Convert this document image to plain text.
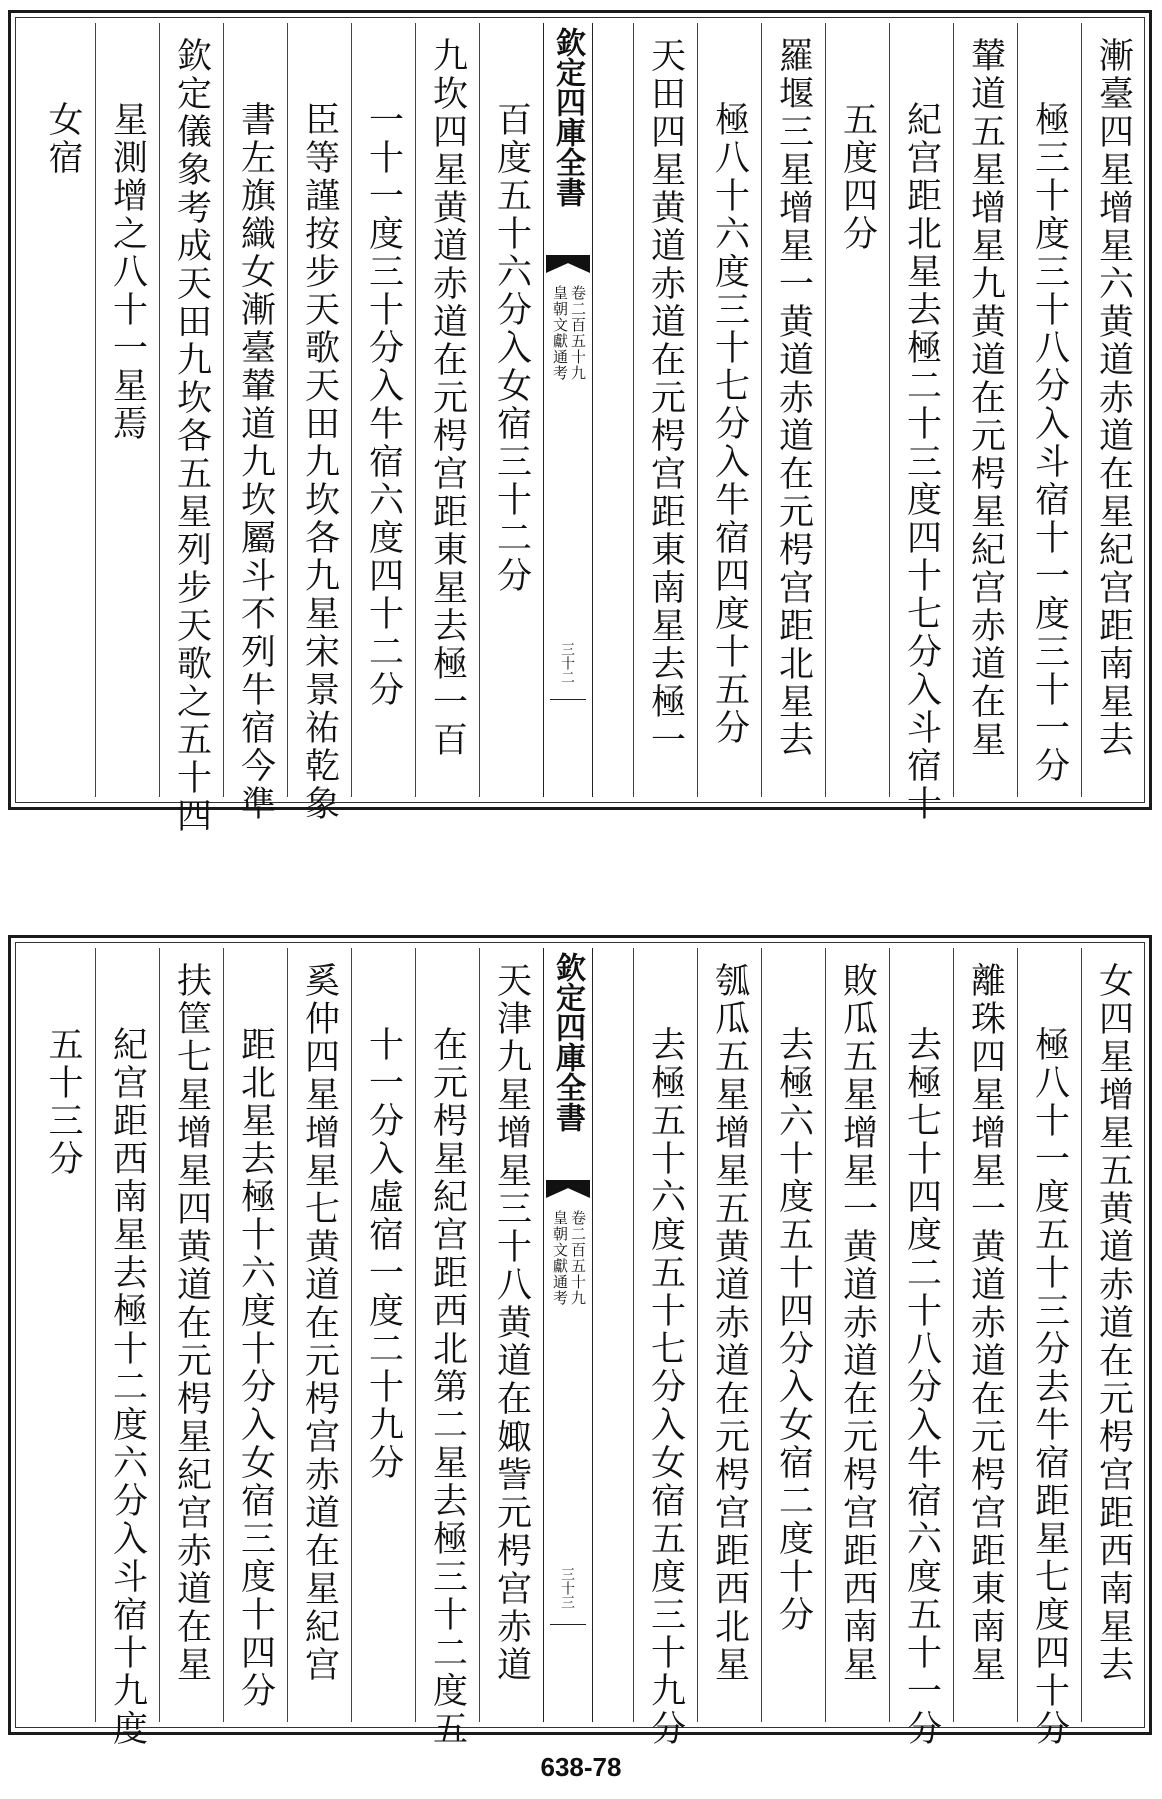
漸臺四星增星六黄道赤道在星紀宫距南星去
極三十度三十八分入斗宿十一度三十一分
輦道五星增星九黄道在元枵星紀宫赤道在星
紀宫距北星去極二十三度四十七分入斗宿十
五度四分
羅堰三星增星一黄道赤道在元枵宫距北星去
極八十六度三十七分入牛宿四度十五分
天田四星黄道赤道在元枵宫距東南星去極一
欽定四庫全書
皇朝文獻通考 卷二百五十九
三十二
百度五十六分入女宿三十二分
九坎四星黄道赤道在元枵宫距東星去極一百
一十一度三十分入牛宿六度四十二分
臣等謹按步天歌天田九坎各九星宋景祐乾象
書左旗織女漸臺輦道九坎屬斗不列牛宿今準
欽定儀象考成天田九坎各五星列步天歌之五十四
星測增之八十一星焉
女宿
女四星增星五黄道赤道在元枵宫距西南星去
極八十一度五十三分去牛宿距星七度四十分
離珠四星增星一黄道赤道在元枵宫距東南星
去極七十四度二十八分入牛宿六度五十一分
敗瓜五星增星一黄道赤道在元枵宫距西南星
去極六十度五十四分入女宿二度十分
瓠瓜五星增星五黄道赤道在元枵宫距西北星
去極五十六度五十七分入女宿五度三十九分
欽定四庫全書
皇朝文獻通考 卷二百五十九
三十三
天津九星增星三十八黄道在娵訾元枵宫赤道
在元枵星紀宫距西北第二星去極三十二度五
十一分入虛宿一度二十九分
奚仲四星增星七黄道在元枵宫赤道在星紀宫
距北星去極十六度十分入女宿三度十四分
扶筐七星增星四黄道在元枵星紀宫赤道在星
紀宫距西南星去極十二度六分入斗宿十九度
五十三分
638-78
